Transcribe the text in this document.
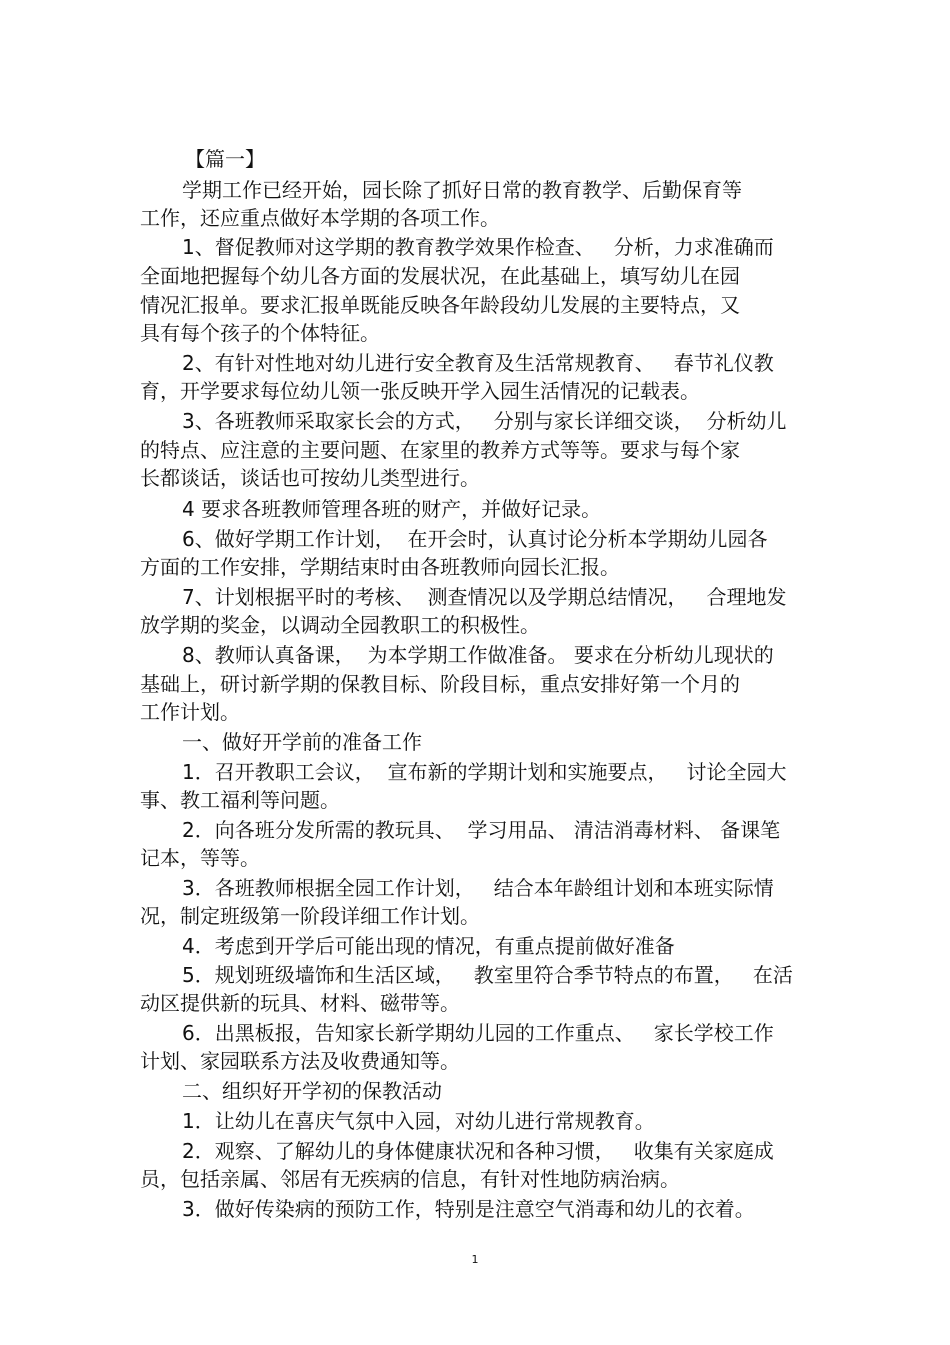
【篇一】
学期工作已经开始，园长除了抓好日常的教育教学、后勤保育等
工作，还应重点做好本学期的各项工作。
1、督促教师对这学期的教育教学效果作检查、   分析，力求准确而
全面地把握每个幼儿各方面的发展状况，在此基础上，填写幼儿在园
情况汇报单。要求汇报单既能反映各年龄段幼儿发展的主要特点，又
具有每个孩子的个体特征。
2、有针对性地对幼儿进行安全教育及生活常规教育、   春节礼仪教
育，开学要求每位幼儿领一张反映开学入园生活情况的记载表。
3、各班教师采取家长会的方式，   分别与家长详细交谈，  分析幼儿
的特点、应注意的主要问题、在家里的教养方式等等。要求与每个家
长都谈话，谈话也可按幼儿类型进行。
4 要求各班教师管理各班的财产，并做好记录。
6、做好学期工作计划，  在开会时，认真讨论分析本学期幼儿园各
方面的工作安排，学期结束时由各班教师向园长汇报。
7、计划根据平时的考核、  测查情况以及学期总结情况，   合理地发
放学期的奖金，以调动全园教职工的积极性。
8、教师认真备课，  为本学期工作做准备。 要求在分析幼儿现状的
基础上，研讨新学期的保教目标、阶段目标，重点安排好第一个月的
工作计划。
一、做好开学前的准备工作
1．召开教职工会议，  宣布新的学期计划和实施要点，   讨论全园大
事、教工福利等问题。
2．向各班分发所需的教玩具、  学习用品、 清洁消毒材料、 备课笔
记本，等等。
3．各班教师根据全园工作计划，   结合本年龄组计划和本班实际情
况，制定班级第一阶段详细工作计划。
4．考虑到开学后可能出现的情况，有重点提前做好准备
5．规划班级墙饰和生活区域，   教室里符合季节特点的布置，   在活
动区提供新的玩具、材料、磁带等。
6．出黑板报，告知家长新学期幼儿园的工作重点、   家长学校工作
计划、家园联系方法及收费通知等。
二、组织好开学初的保教活动
1．让幼儿在喜庆气氛中入园，对幼儿进行常规教育。
2．观察、了解幼儿的身体健康状况和各种习惯，   收集有关家庭成
员，包括亲属、邻居有无疾病的信息，有针对性地防病治病。
3．做好传染病的预防工作，特别是注意空气消毒和幼儿的衣着。
1
